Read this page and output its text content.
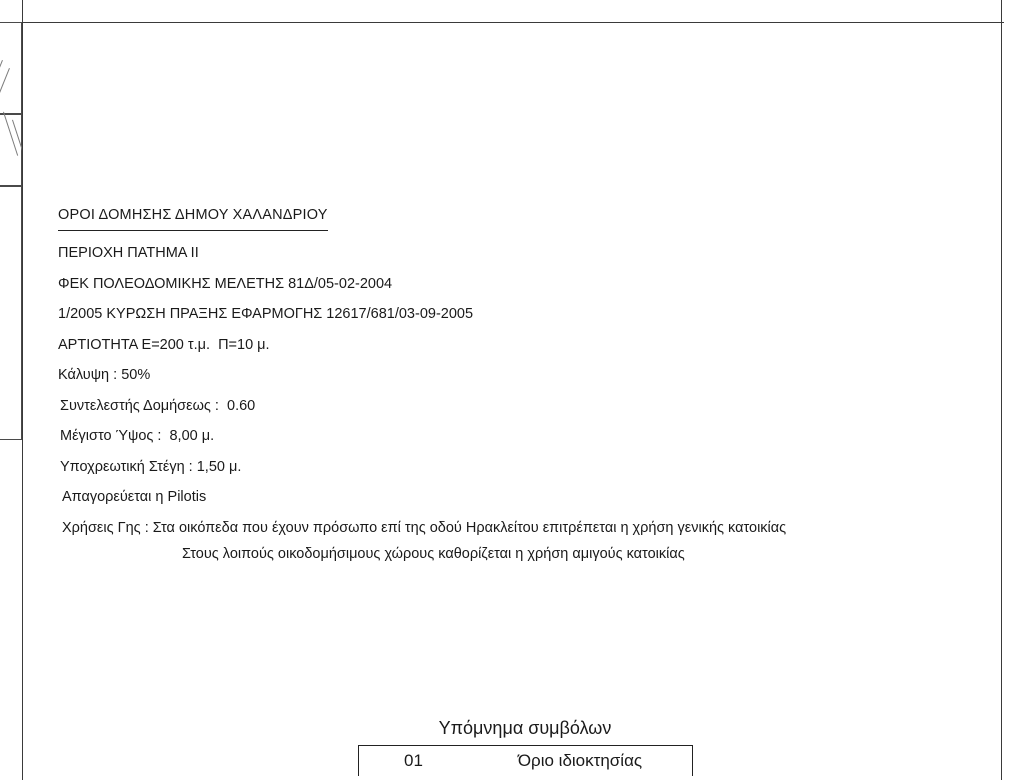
ΟΡΟΙ ΔΟΜΗΣΗΣ ΔΗΜΟΥ ΧΑΛΑΝΔΡΙΟΥ

ΠΕΡΙΟΧΗ ΠΑΤΗΜΑ ΙΙ

ΦΕΚ ΠΟΛΕΟΔΟΜΙΚΗΣ ΜΕΛΕΤΗΣ 81Δ/05-02-2004

1/2005 ΚΥΡΩΣΗ ΠΡΑΞΗΣ ΕΦΑΡΜΟΓΗΣ 12617/681/03-09-2005

ΑΡΤΙΟΤΗΤΑ Ε=200 τ.μ.  Π=10 μ.

Κάλυψη : 50%

Συντελεστής Δομήσεως :  0.60

Μέγιστο Ύψος :  8,00 μ.

Υποχρεωτική Στέγη : 1,50 μ.

Απαγορεύεται η Pilotis

Χρήσεις Γης : Στα οικόπεδα που έχουν πρόσωπο επί της οδού Ηρακλείτου επιτρέπεται η χρήση γενικής κατοικίας

Στους λοιπούς οικοδομήσιμους χώρους καθορίζεται η χρήση αμιγούς κατοικίας

Υπόμνημα συμβόλων
01	Όριο ιδιοκτησίας
